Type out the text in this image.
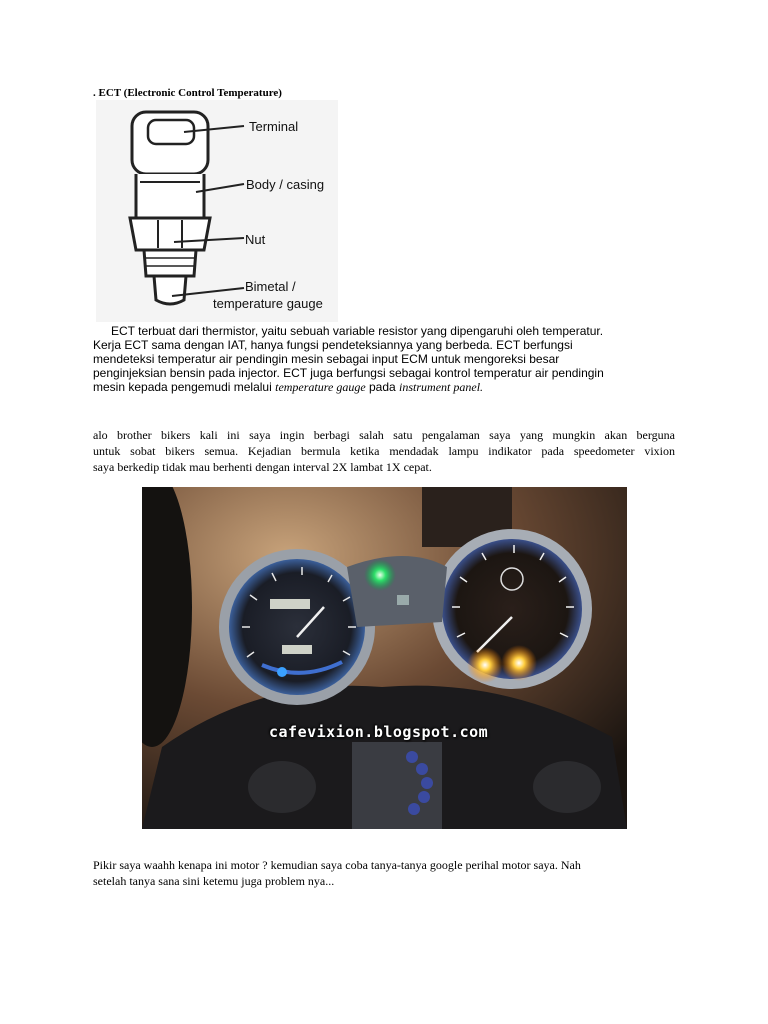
. ECT (Electronic Control Temperature)
Terminal
Body / casing
Nut
Bimetal /
temperature gauge
ECT terbuat dari thermistor, yaitu sebuah variable resistor yang dipengaruhi oleh temperatur.
Kerja ECT sama dengan IAT, hanya fungsi pendeteksiannya yang berbeda. ECT berfungsi
mendeteksi temperatur air pendingin mesin sebagai input ECM untuk mengoreksi besar
penginjeksian bensin pada injector. ECT juga berfungsi sebagai kontrol temperatur air pendingin
mesin kepada pengemudi melalui temperature gauge pada instrument panel.
alo brother bikers kali ini saya ingin berbagi salah satu pengalaman saya yang mungkin akan berguna
untuk sobat bikers semua. Kejadian bermula ketika mendadak lampu indikator pada speedometer vixion
saya berkedip tidak mau berhenti dengan interval 2X lambat 1X cepat.
cafevixion.blogspot.com
Pikir saya waahh kenapa ini motor ? kemudian saya coba tanya-tanya google perihal motor saya. Nah
setelah tanya sana sini ketemu juga problem nya...
